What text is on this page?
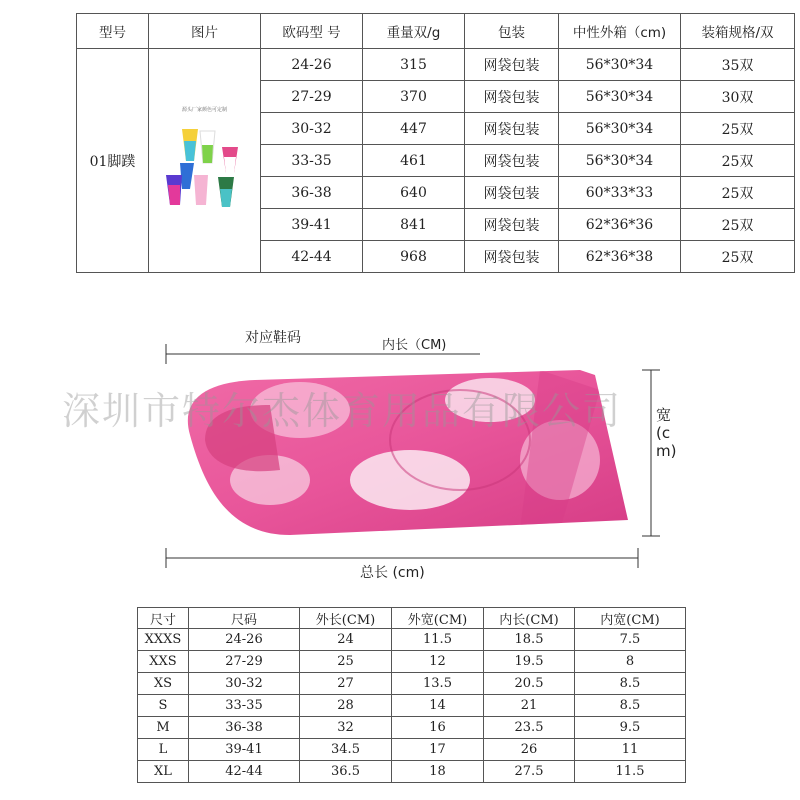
型号	图片	欧码型 号	重量双/g	包装	中性外箱（cm)	装箱规格/双
01脚蹼	源头厂家颜色可定制	24-26	315	网袋包装	56*30*34	35双
		27-29	370	网袋包装	56*30*34	30双
		30-32	447	网袋包装	56*30*34	25双
		33-35	461	网袋包装	56*30*34	25双
		36-38	640	网袋包装	60*33*33	25双
		39-41	841	网袋包装	62*36*36	25双
		42-44	968	网袋包装	62*36*38	25双
对应鞋码	内长（CM)
宽(cm)
总长 (cm)
深圳市特尔杰体育用品有限公司
尺寸	尺码	外长(CM)	外宽(CM)	内长(CM)	内宽(CM)
XXXS	24-26	24	11.5	18.5	7.5
XXS	27-29	25	12	19.5	8
XS	30-32	27	13.5	20.5	8.5
S	33-35	28	14	21	8.5
M	36-38	32	16	23.5	9.5
L	39-41	34.5	17	26	11
XL	42-44	36.5	18	27.5	11.5
